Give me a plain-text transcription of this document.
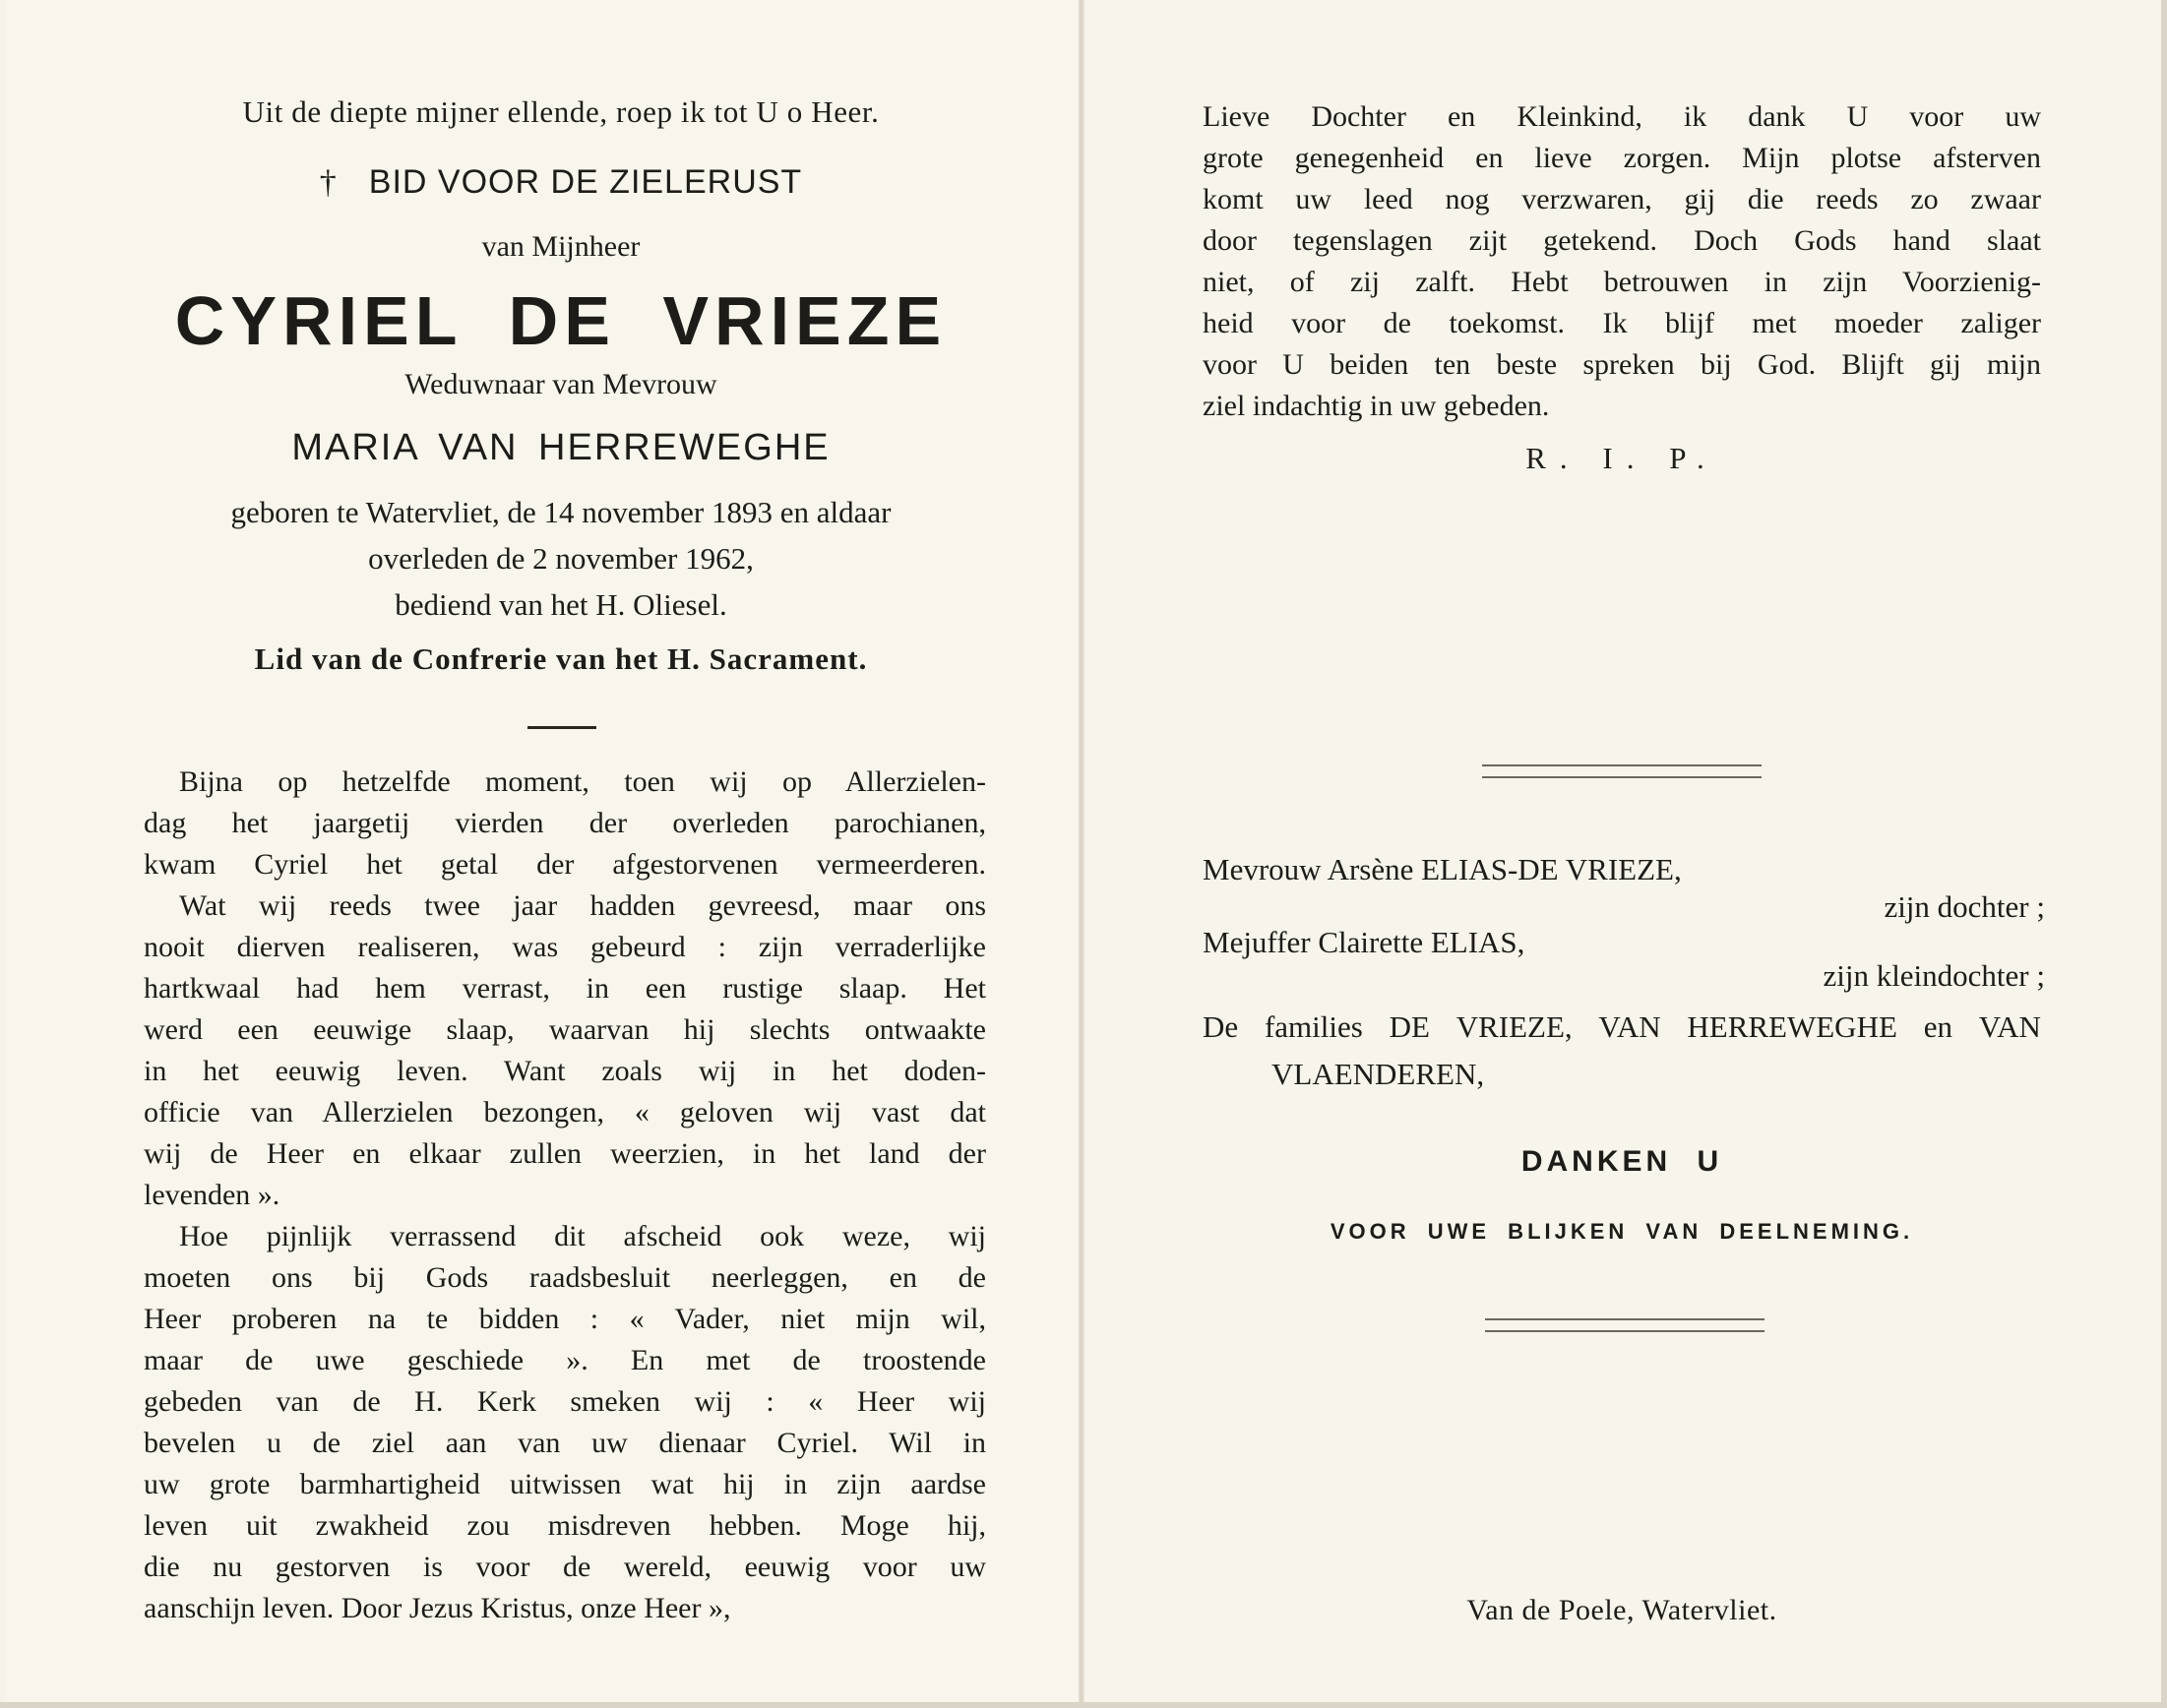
Uit de diepte mijner ellende, roep ik tot U o Heer.
† BID VOOR DE ZIELERUST
van Mijnheer
CYRIEL DE VRIEZE
Weduwnaar van Mevrouw
MARIA VAN HERREWEGHE
geboren te Watervliet, de 14 november 1893 en aldaar
overleden de 2 november 1962,
bediend van het H. Oliesel.
Lid van de Confrerie van het H. Sacrament.
Bijna op hetzelfde moment, toen wij op Allerzielen-
dag het jaargetij vierden der overleden parochianen,
kwam Cyriel het getal der afgestorvenen vermeerderen.
Wat wij reeds twee jaar hadden gevreesd, maar ons
nooit dierven realiseren, was gebeurd : zijn verraderlijke
hartkwaal had hem verrast, in een rustige slaap. Het
werd een eeuwige slaap, waarvan hij slechts ontwaakte
in het eeuwig leven. Want zoals wij in het doden-
officie van Allerzielen bezongen, « geloven wij vast dat
wij de Heer en elkaar zullen weerzien, in het land der
levenden ».
Hoe pijnlijk verrassend dit afscheid ook weze, wij
moeten ons bij Gods raadsbesluit neerleggen, en de
Heer proberen na te bidden : « Vader, niet mijn wil,
maar de uwe geschiede ». En met de troostende
gebeden van de H. Kerk smeken wij : « Heer wij
bevelen u de ziel aan van uw dienaar Cyriel. Wil in
uw grote barmhartigheid uitwissen wat hij in zijn aardse
leven uit zwakheid zou misdreven hebben. Moge hij,
die nu gestorven is voor de wereld, eeuwig voor uw
aanschijn leven. Door Jezus Kristus, onze Heer »,
Lieve Dochter en Kleinkind, ik dank U voor uw
grote genegenheid en lieve zorgen. Mijn plotse afsterven
komt uw leed nog verzwaren, gij die reeds zo zwaar
door tegenslagen zijt getekend. Doch Gods hand slaat
niet, of zij zalft. Hebt betrouwen in zijn Voorzienig-
heid voor de toekomst. Ik blijf met moeder zaliger
voor U beiden ten beste spreken bij God. Blijft gij mijn
ziel indachtig in uw gebeden.
R. I. P.
Mevrouw Arsène ELIAS-DE VRIEZE,
zijn dochter ;
Mejuffer Clairette ELIAS,
zijn kleindochter ;
De families DE VRIEZE, VAN HERREWEGHE en VAN
VLAENDEREN,
DANKEN U
VOOR UWE BLIJKEN VAN DEELNEMING.
Van de Poele, Watervliet.
